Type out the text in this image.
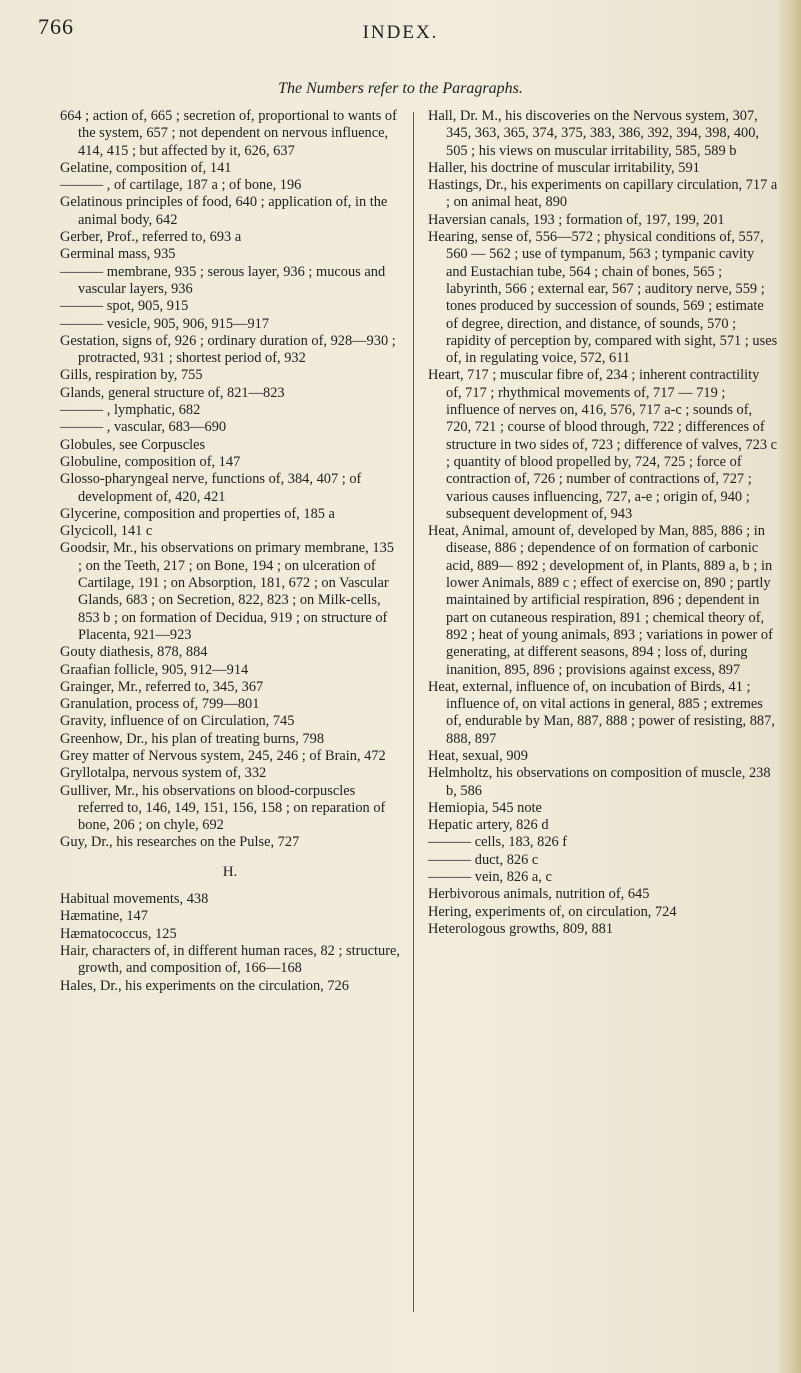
766	INDEX.
The Numbers refer to the Paragraphs.

664 ; action of, 665 ; secretion of, proportional to wants of the system, 657 ; not dependent on nervous influence, 414, 415 ; but affected by it, 626, 637

Gelatine, composition of, 141

——— , of cartilage, 187 a ; of bone, 196

Gelatinous principles of food, 640 ; application of, in the animal body, 642

Gerber, Prof., referred to, 693 a

Germinal mass, 935

——— membrane, 935 ; serous layer, 936 ; mucous and vascular layers, 936

——— spot, 905, 915

——— vesicle, 905, 906, 915—917

Gestation, signs of, 926 ; ordinary duration of, 928—930 ; protracted, 931 ; shortest period of, 932

Gills, respiration by, 755

Glands, general structure of, 821—823

——— , lymphatic, 682

——— , vascular, 683—690

Globules, see Corpuscles

Globuline, composition of, 147

Glosso-pharyngeal nerve, functions of, 384, 407 ; of development of, 420, 421

Glycerine, composition and properties of, 185 a

Glycicoll, 141 c

Goodsir, Mr., his observations on primary membrane, 135 ; on the Teeth, 217 ; on Bone, 194 ; on ulceration of Cartilage, 191 ; on Absorption, 181, 672 ; on Vascular Glands, 683 ; on Secretion, 822, 823 ; on Milk-cells, 853 b ; on formation of Decidua, 919 ; on structure of Placenta, 921—923

Gouty diathesis, 878, 884

Graafian follicle, 905, 912—914

Grainger, Mr., referred to, 345, 367

Granulation, process of, 799—801

Gravity, influence of on Circulation, 745

Greenhow, Dr., his plan of treating burns, 798

Grey matter of Nervous system, 245, 246 ; of Brain, 472

Gryllotalpa, nervous system of, 332

Gulliver, Mr., his observations on blood-corpuscles referred to, 146, 149, 151, 156, 158 ; on reparation of bone, 206 ; on chyle, 692

Guy, Dr., his researches on the Pulse, 727

H.

Habitual movements, 438

Hæmatine, 147

Hæmatococcus, 125

Hair, characters of, in different human races, 82 ; structure, growth, and composition of, 166—168

Hales, Dr., his experiments on the circulation, 726

Hall, Dr. M., his discoveries on the Nervous system, 307, 345, 363, 365, 374, 375, 383, 386, 392, 394, 398, 400, 505 ; his views on muscular irritability, 585, 589 b

Haller, his doctrine of muscular irritability, 591

Hastings, Dr., his experiments on capillary circulation, 717 a ; on animal heat, 890

Haversian canals, 193 ; formation of, 197, 199, 201

Hearing, sense of, 556—572 ; physical conditions of, 557, 560 — 562 ; use of tympanum, 563 ; tympanic cavity and Eustachian tube, 564 ; chain of bones, 565 ; labyrinth, 566 ; external ear, 567 ; auditory nerve, 559 ; tones produced by succession of sounds, 569 ; estimate of degree, direction, and distance, of sounds, 570 ; rapidity of perception by, compared with sight, 571 ; uses of, in regulating voice, 572, 611

Heart, 717 ; muscular fibre of, 234 ; inherent contractility of, 717 ; rhythmical movements of, 717 — 719 ; influence of nerves on, 416, 576, 717 a-c ; sounds of, 720, 721 ; course of blood through, 722 ; differences of structure in two sides of, 723 ; difference of valves, 723 c ; quantity of blood propelled by, 724, 725 ; force of contraction of, 726 ; number of contractions of, 727 ; various causes influencing, 727, a-e ; origin of, 940 ; subsequent development of, 943

Heat, Animal, amount of, developed by Man, 885, 886 ; in disease, 886 ; dependence of on formation of carbonic acid, 889— 892 ; development of, in Plants, 889 a, b ; in lower Animals, 889 c ; effect of exercise on, 890 ; partly maintained by artificial respiration, 896 ; dependent in part on cutaneous respiration, 891 ; chemical theory of, 892 ; heat of young animals, 893 ; variations in power of generating, at different seasons, 894 ; loss of, during inanition, 895, 896 ; provisions against excess, 897

Heat, external, influence of, on incubation of Birds, 41 ; influence of, on vital actions in general, 885 ; extremes of, endurable by Man, 887, 888 ; power of resisting, 887, 888, 897

Heat, sexual, 909

Helmholtz, his observations on composition of muscle, 238 b, 586

Hemiopia, 545 note

Hepatic artery, 826 d

——— cells, 183, 826 f

——— duct, 826 c

——— vein, 826 a, c

Herbivorous animals, nutrition of, 645

Hering, experiments of, on circulation, 724

Heterologous growths, 809, 881
